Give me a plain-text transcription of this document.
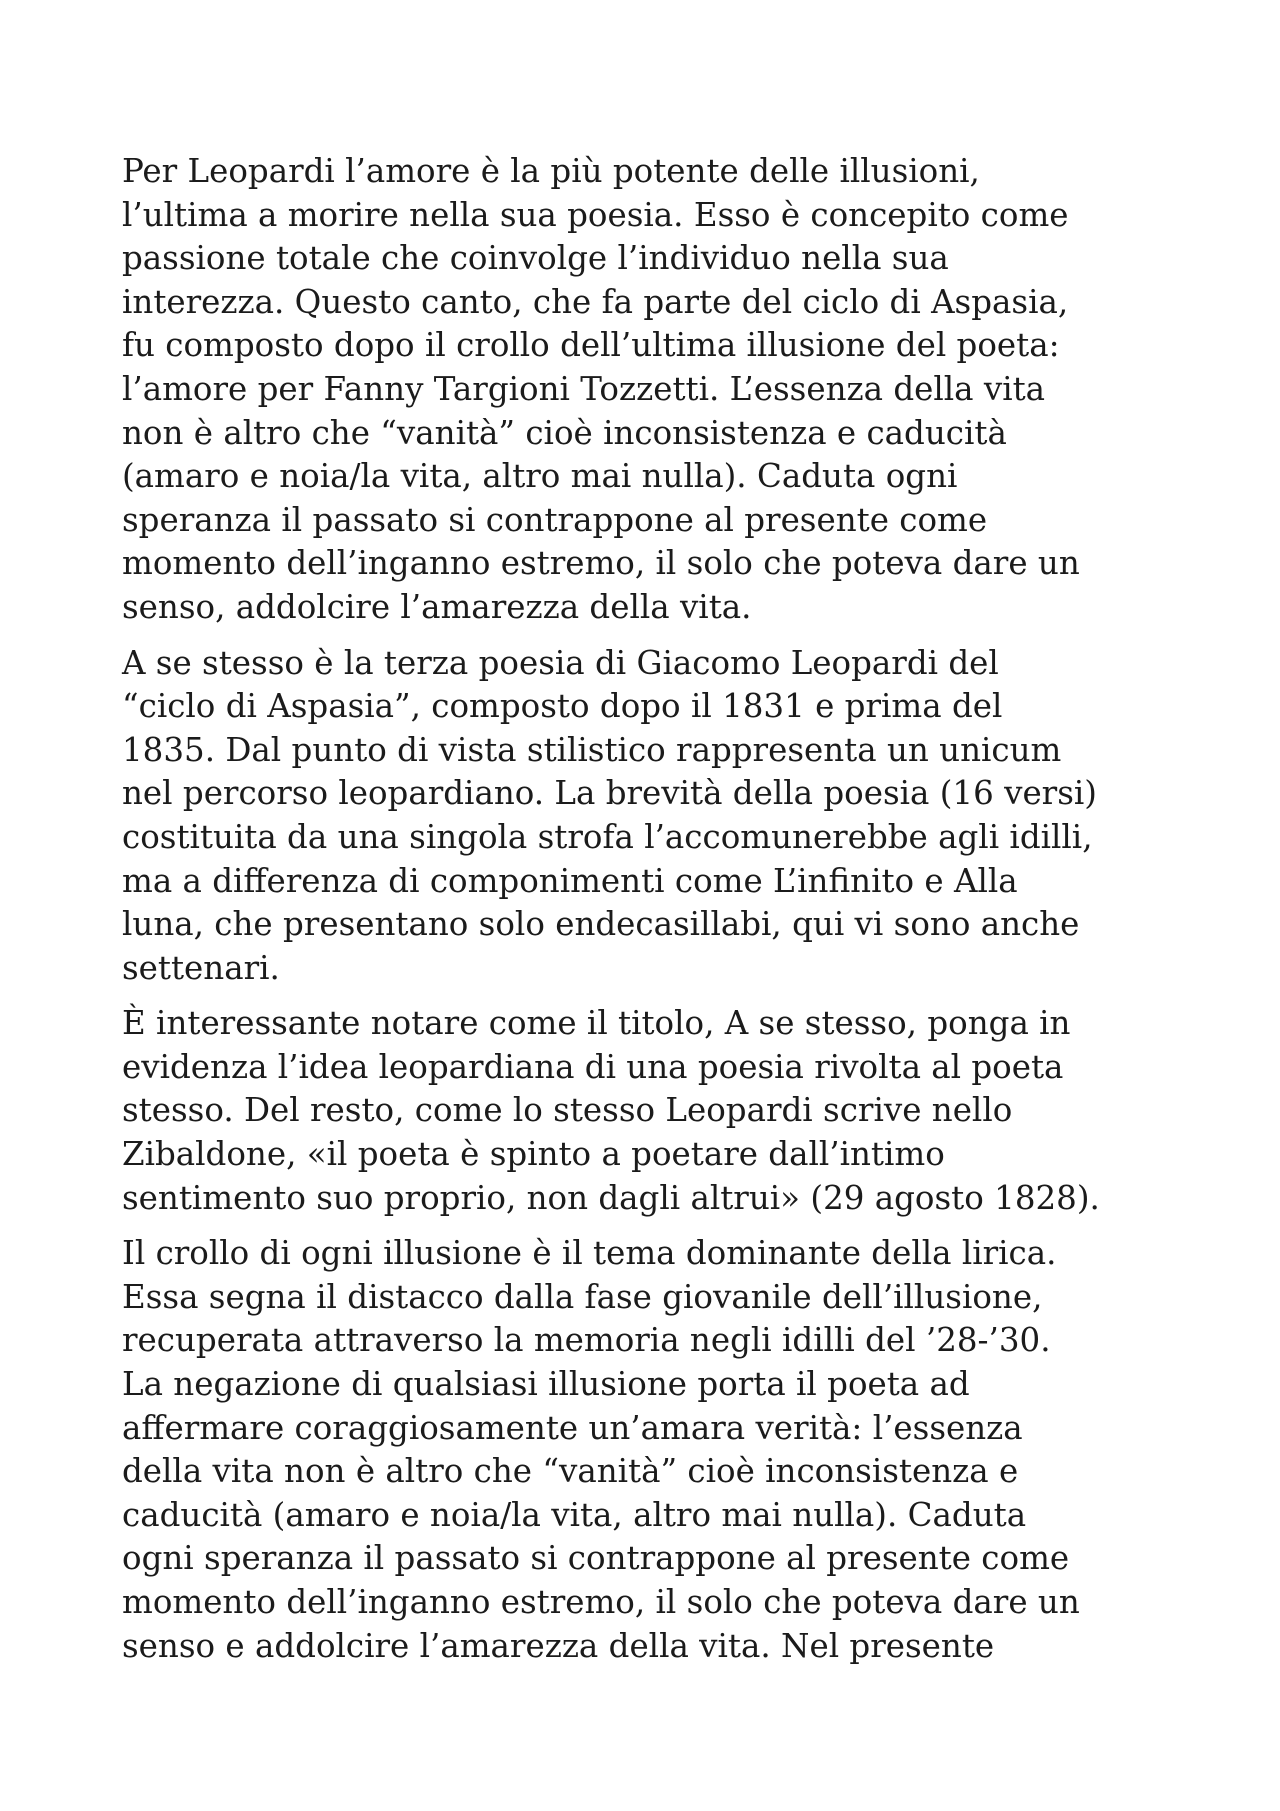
Per Leopardi l’amore è la più potente delle illusioni,
l’ultima a morire nella sua poesia. Esso è concepito come
passione totale che coinvolge l’individuo nella sua
interezza. Questo canto, che fa parte del ciclo di Aspasia,
fu composto dopo il crollo dell’ultima illusione del poeta:
l’amore per Fanny Targioni Tozzetti. L’essenza della vita
non è altro che “vanità” cioè inconsistenza e caducità
(amaro e noia/la vita, altro mai nulla). Caduta ogni
speranza il passato si contrappone al presente come
momento dell’inganno estremo, il solo che poteva dare un
senso, addolcire l’amarezza della vita.

A se stesso è la terza poesia di Giacomo Leopardi del
“ciclo di Aspasia”, composto dopo il 1831 e prima del
1835. Dal punto di vista stilistico rappresenta un unicum
nel percorso leopardiano. La brevità della poesia (16 versi)
costituita da una singola strofa l’accomunerebbe agli idilli,
ma a differenza di componimenti come L’infinito e Alla
luna, che presentano solo endecasillabi, qui vi sono anche
settenari.

È interessante notare come il titolo, A se stesso, ponga in
evidenza l’idea leopardiana di una poesia rivolta al poeta
stesso. Del resto, come lo stesso Leopardi scrive nello
Zibaldone, «il poeta è spinto a poetare dall’intimo
sentimento suo proprio, non dagli altrui» (29 agosto 1828).

Il crollo di ogni illusione è il tema dominante della lirica.
Essa segna il distacco dalla fase giovanile dell’illusione,
recuperata attraverso la memoria negli idilli del ’28-’30.
La negazione di qualsiasi illusione porta il poeta ad
affermare coraggiosamente un’amara verità: l’essenza
della vita non è altro che “vanità” cioè inconsistenza e
caducità (amaro e noia/la vita, altro mai nulla). Caduta
ogni speranza il passato si contrappone al presente come
momento dell’inganno estremo, il solo che poteva dare un
senso e addolcire l’amarezza della vita. Nel presente
